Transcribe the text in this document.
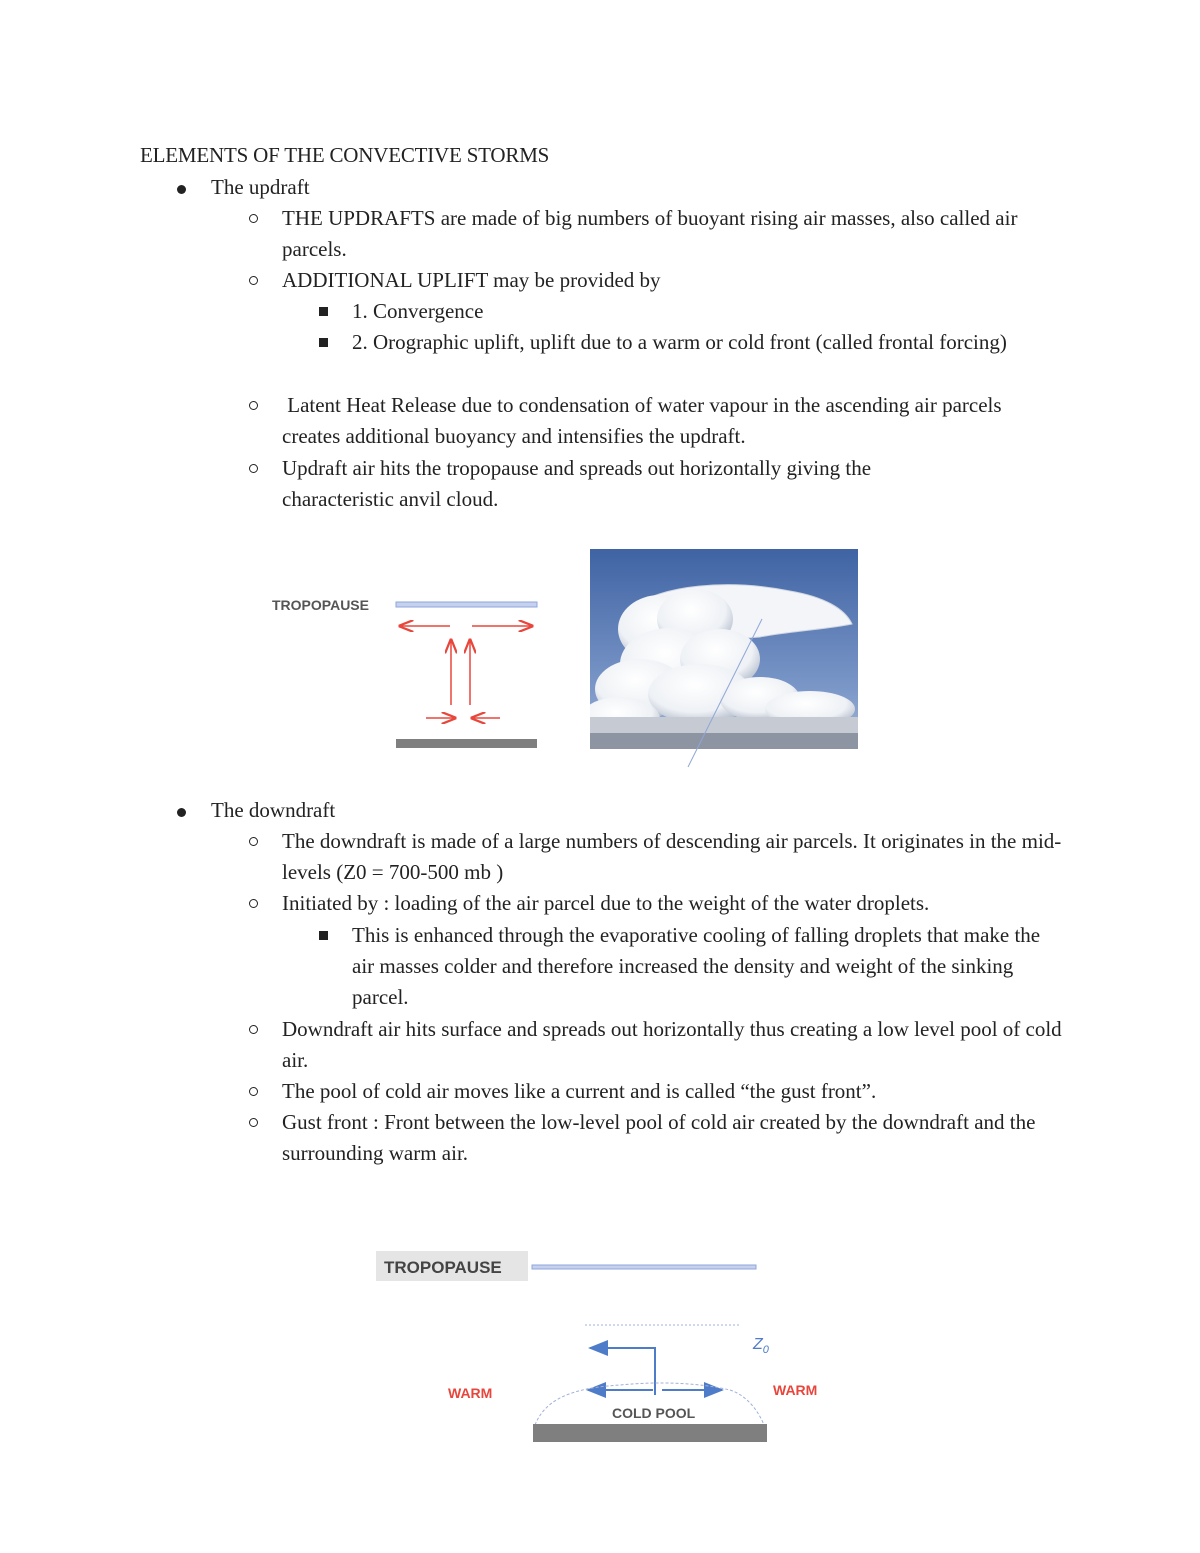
ELEMENTS OF THE CONVECTIVE STORMS
The updraft
THE UPDRAFTS are made of big numbers of buoyant rising air masses, also called air parcels.
ADDITIONAL UPLIFT may be provided by
1. Convergence
2. Orographic uplift, uplift due to a warm or cold front (called frontal forcing)
Latent Heat Release due to condensation of water vapour in the ascending air parcels creates additional buoyancy and intensifies the updraft.
Updraft air hits the tropopause and spreads out horizontally giving the characteristic anvil cloud.
TROPOPAUSE
The downdraft
The downdraft is made of a large numbers of descending air parcels. It originates in the mid-levels (Z0 = 700-500 mb )
Initiated by : loading of the air parcel due to the weight of the water droplets.
This is enhanced through the evaporative cooling of falling droplets that make the air masses colder and therefore increased the density and weight of the sinking parcel.
Downdraft air hits surface and spreads out horizontally thus creating a low level pool of cold air.
The pool of cold air moves like a current and is called “the gust front”.
Gust front : Front between the low-level pool of cold air created by the downdraft and the surrounding warm air.
TROPOPAUSE
$Z_0$
WARM	WARM
COLD POOL
